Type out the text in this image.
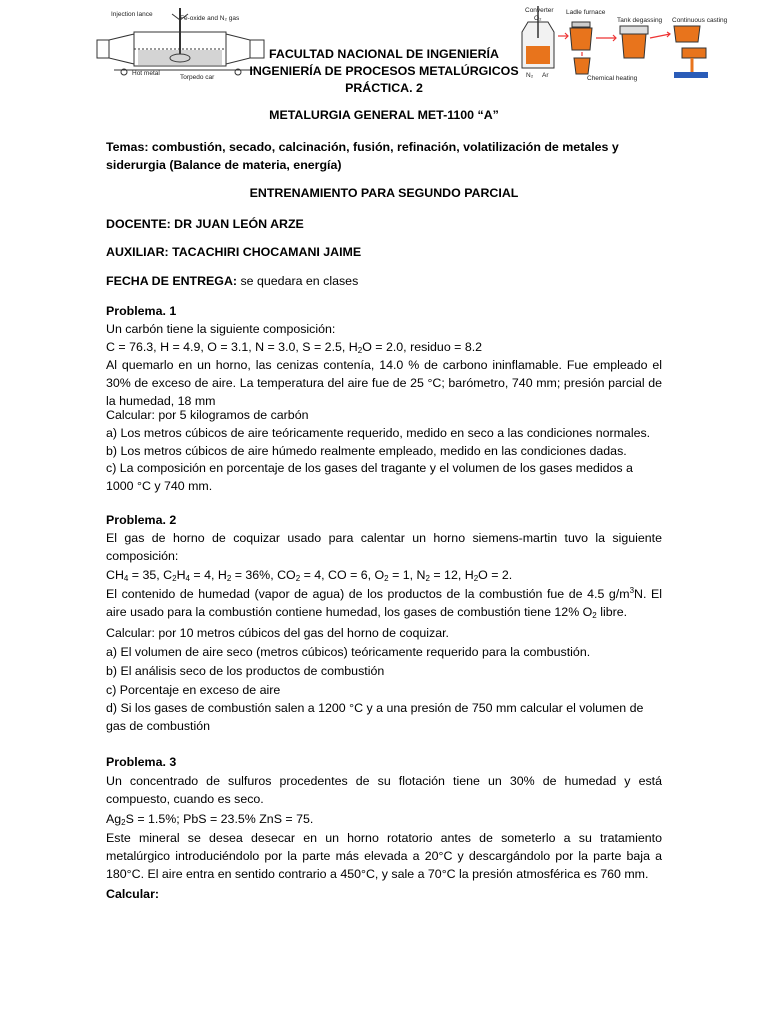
Injection lance
Fe-oxide and N₂ gas
Hot metal
Torpedo car
Converter
O₂
Ladle furnace
Tank degassing Continuous casting
Chemical heating
N₂ Ar
FACULTAD NACIONAL DE INGENIERÍA
INGENIERÍA DE PROCESOS METALÚRGICOS
PRÁCTICA. 2
METALURGIA GENERAL MET-1100 “A”
Temas: combustión, secado, calcinación, fusión, refinación, volatilización de metales y siderurgia (Balance de materia, energía)
ENTRENAMIENTO PARA SEGUNDO PARCIAL
DOCENTE: DR JUAN LEÓN ARZE
AUXILIAR: TACACHIRI CHOCAMANI JAIME
FECHA DE ENTREGA: se quedara en clases
Problema. 1
Un carbón tiene la siguiente composición:
C = 76.3, H = 4.9, O = 3.1, N = 3.0, S = 2.5, $H_2O = 2.0$, residuo = 8.2
Al quemarlo en un horno, las cenizas contenía, 14.0 % de carbono ininflamable. Fue empleado el 30% de exceso de aire. La temperatura del aire fue de 25 °C; barómetro, 740 mm; presión parcial de la humedad, 18 mm
Calcular: por 5 kilogramos de carbón
a) Los metros cúbicos de aire teóricamente requerido, medido en seco a las condiciones normales.
b) Los metros cúbicos de aire húmedo realmente empleado, medido en las condiciones dadas.
c) La composición en porcentaje de los gases del tragante y el volumen de los gases medidos a 1000 °C y 740 mm.
Problema. 2
El gas de horno de coquizar usado para calentar un horno siemens-martin tuvo la siguiente composición:
$CH_4 = 35$, $C_2H_4 = 4$, $H_2 = 36\%$, $CO_2 = 4$, CO = 6, $O_2 = 1$, $N_2 = 12$, $H_2O = 2$.
El contenido de humedad (vapor de agua) de los productos de la combustión fue de 4.5 $g/m^3N$. El aire usado para la combustión contiene humedad, los gases de combustión tiene 12% $O_2$ libre.
Calcular: por 10 metros cúbicos del gas del horno de coquizar.
a) El volumen de aire seco (metros cúbicos) teóricamente requerido para la combustión.
b) El análisis seco de los productos de combustión
c) Porcentaje en exceso de aire
d) Si los gases de combustión salen a 1200 °C y a una presión de 750 mm calcular el volumen de gas de combustión
Problema. 3
Un concentrado de sulfuros procedentes de su flotación tiene un 30% de humedad y está compuesto, cuando es seco.
$Ag_2S = 1.5\%$; PbS = 23.5% ZnS = 75.
Este mineral se desea desecar en un horno rotatorio antes de someterlo a su tratamiento metalúrgico introduciéndolo por la parte más elevada a 20°C y descargándolo por la parte baja a 180°C. El aire entra en sentido contrario a 450°C, y sale a 70°C la presión atmosférica es 760 mm.
Calcular:
